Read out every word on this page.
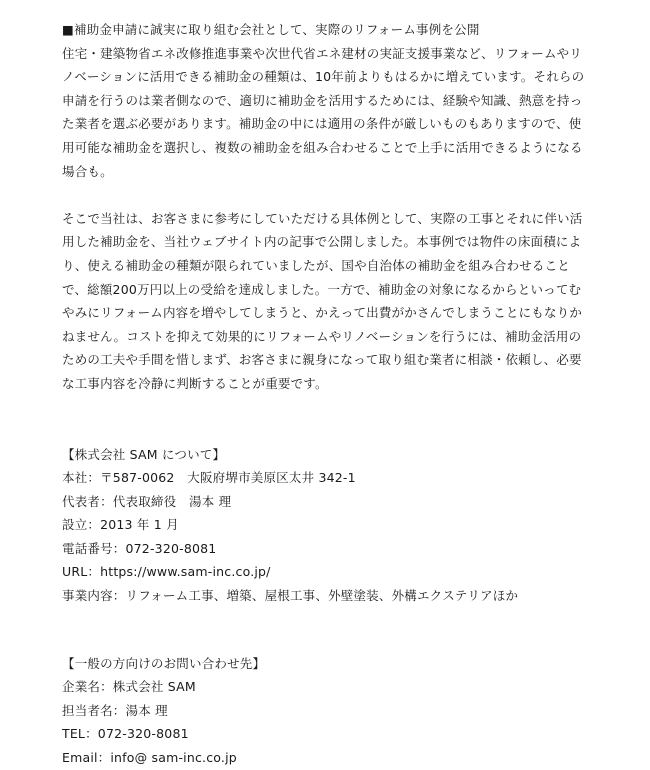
■補助金申請に誠実に取り組む会社として、実際のリフォーム事例を公開

住宅・建築物省エネ改修推進事業や次世代省エネ建材の実証支援事業など、リフォームやリノベーションに活用できる補助金の種類は、10年前よりもはるかに増えています。それらの申請を行うのは業者側なので、適切に補助金を活用するためには、経験や知識、熱意を持った業者を選ぶ必要があります。補助金の中には適用の条件が厳しいものもありますので、使用可能な補助金を選択し、複数の補助金を組み合わせることで上手に活用できるようになる場合も。

そこで当社は、お客さまに参考にしていただける具体例として、実際の工事とそれに伴い活用した補助金を、当社ウェブサイト内の記事で公開しました。本事例では物件の床面積により、使える補助金の種類が限られていましたが、国や自治体の補助金を組み合わせることで、総額200万円以上の受給を達成しました。一方で、補助金の対象になるからといってむやみにリフォーム内容を増やしてしまうと、かえって出費がかさんでしまうことにもなりかねません。コストを抑えて効果的にリフォームやリノベーションを行うには、補助金活用のための工夫や手間を惜しまず、お客さまに親身になって取り組む業者に相談・依頼し、必要な工事内容を冷静に判断することが重要です。

【株式会社 SAM について】
本社：〒587-0062　大阪府堺市美原区太井 342-1
代表者：代表取締役　湯本 理
設立：2013 年 1 月
電話番号：072-320-8081
URL：https://www.sam-inc.co.jp/
事業内容：リフォーム工事、増築、屋根工事、外壁塗装、外構エクステリアほか
【一般の方向けのお問い合わせ先】
企業名：株式会社 SAM
担当者名：湯本 理
TEL：072-320-8081
Email：info@ sam-inc.co.jp
